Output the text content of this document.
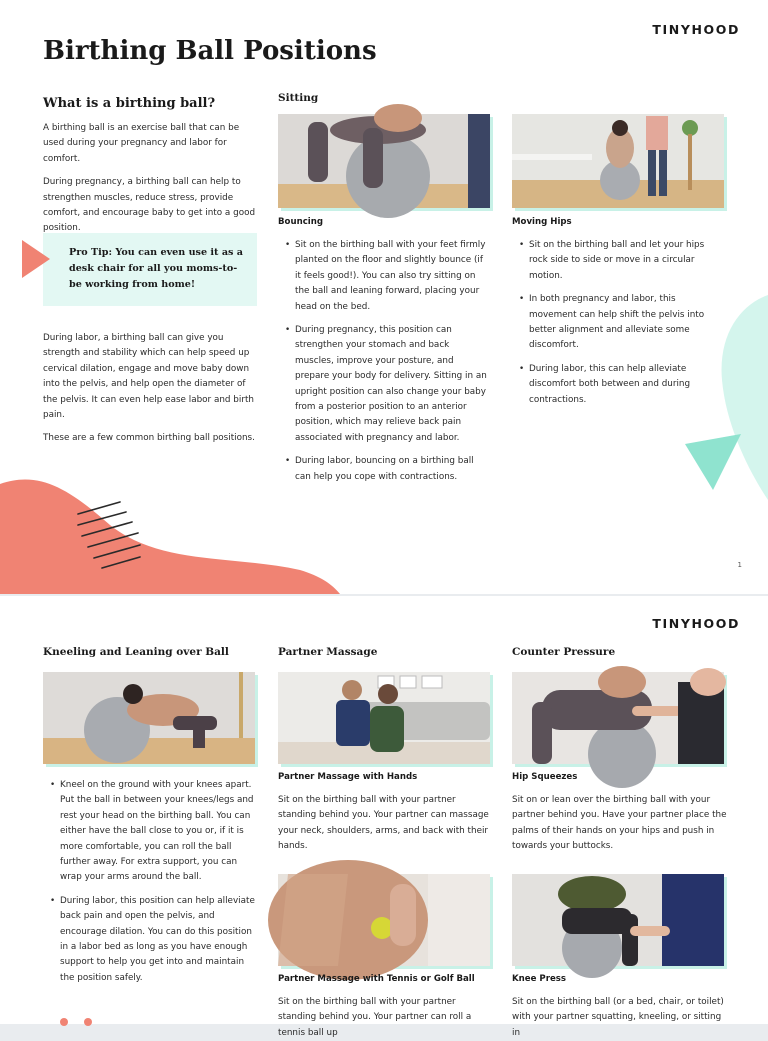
TINYHOOD
Birthing Ball Positions
What is a birthing ball?

A birthing ball is an exercise ball that can be used during your pregnancy and labor for comfort.

During pregnancy, a birthing ball can help to strengthen muscles, reduce stress, provide comfort, and encourage baby to get into a good position.

Pro Tip: You can even use it as a desk chair for all you moms-to-be working from home!

During labor, a birthing ball can give you strength and stability which can help speed up cervical dilation, engage and move baby down into the pelvis, and help open the diameter of the pelvis. It can even help ease labor and birth pain.

These are a few common birthing ball positions.

Sitting
Bouncing
• Sit on the birthing ball with your feet firmly planted on the floor and slightly bounce (if it feels good!). You can also try sitting on the ball and leaning forward, placing your head on the bed.
• During pregnancy, this position can strengthen your stomach and back muscles, improve your posture, and prepare your body for delivery. Sitting in an upright position can also change your baby from a posterior position to an anterior position, which may relieve back pain associated with pregnancy and labor.
• During labor, bouncing on a birthing ball can help you cope with contractions.
Moving Hips
• Sit on the birthing ball and let your hips rock side to side or move in a circular motion.
• In both pregnancy and labor, this movement can help shift the pelvis into better alignment and alleviate some discomfort.
• During labor, this can help alleviate discomfort both between and during contractions.
1
TINYHOOD
Kneeling and Leaning over Ball
• Kneel on the ground with your knees apart. Put the ball in between your knees/legs and rest your head on the birthing ball. You can either have the ball close to you or, if it is more comfortable, you can roll the ball further away. For extra support, you can wrap your arms around the ball.
• During labor, this position can help alleviate back pain and open the pelvis, and encourage dilation. You can do this position in a labor bed as long as you have enough support to help you get into and maintain the position safely.
Partner Massage
Partner Massage with Hands
Sit on the birthing ball with your partner standing behind you. Your partner can massage your neck, shoulders, arms, and back with their hands.
Partner Massage with Tennis or Golf Ball
Sit on the birthing ball with your partner standing behind you. Your partner can roll a tennis ball up
Counter Pressure
Hip Squeezes
Sit on or lean over the birthing ball with your partner behind you. Have your partner place the palms of their hands on your hips and push in towards your buttocks.
Knee Press
Sit on the birthing ball (or a bed, chair, or toilet) with your partner squatting, kneeling, or sitting in
